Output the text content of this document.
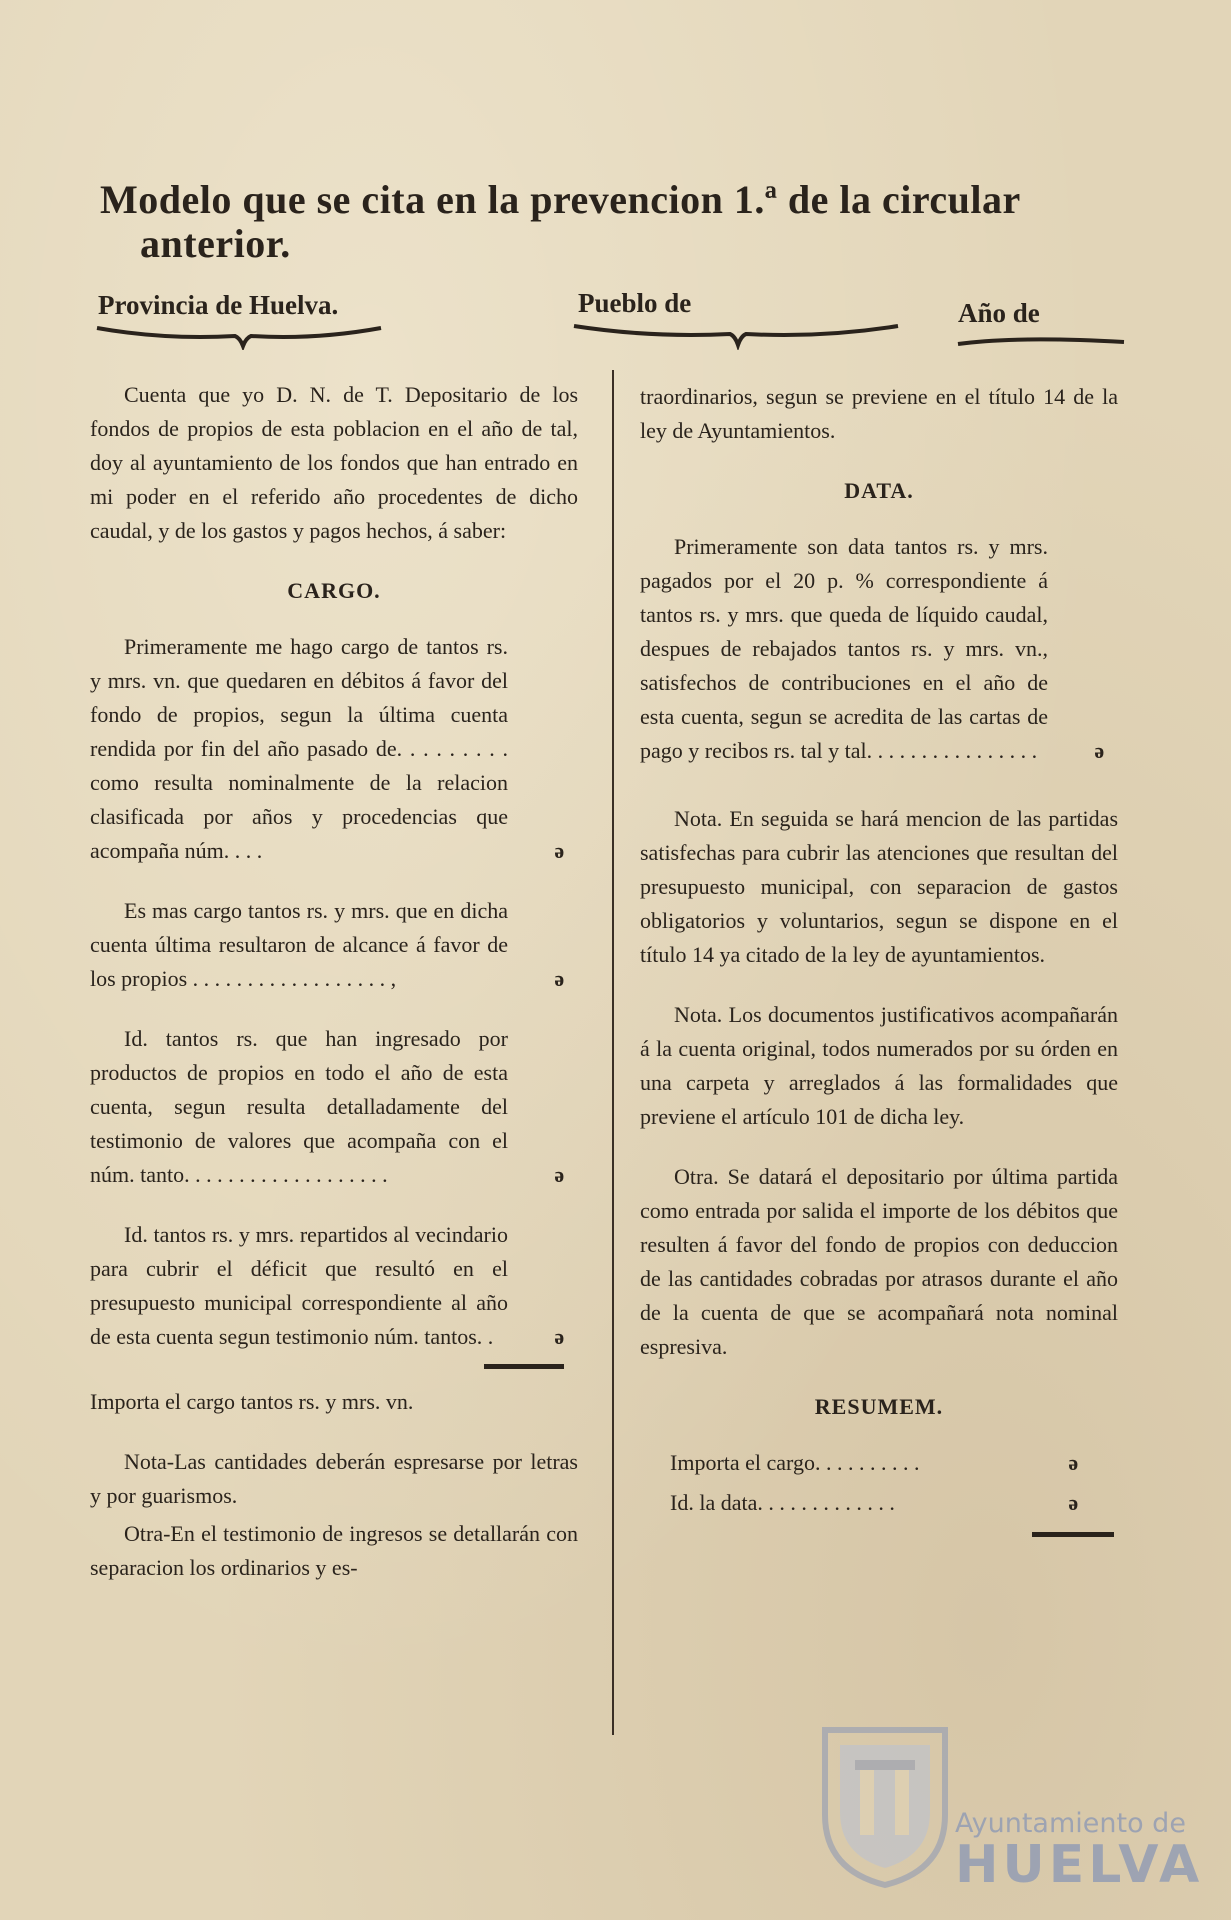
Modelo que se cita en la prevencion 1.ª de la circular
anterior.
Provincia de Huelva.	Pueblo de	Año de

Cuenta que yo D. N. de T. Depositario de los fondos de propios de esta poblacion en el año de tal, doy al ayuntamiento de los fondos que han entrado en mi poder en el referido año procedentes de dicho caudal, y de los gastos y pagos hechos, á saber:

CARGO.
Primeramente me hago cargo de tantos rs. y mrs. vn. que quedaren en débitos á favor del fondo de propios, segun la última cuenta rendida por fin del año pasado de. . . . . . . . . como resulta nominalmente de la relacion clasificada por años y procedencias que acompaña núm. . . .	ǝ
Es mas cargo tantos rs. y mrs. que en dicha cuenta última resultaron de alcance á favor de los propios . . . . . . . . . . . . . . . . . . ,	ǝ
Id. tantos rs. que han ingresado por productos de propios en todo el año de esta cuenta, segun resulta detalladamente del testimonio de valores que acompaña con el núm. tanto. . . . . . . . . . . . . . . . . . .	ǝ
Id. tantos rs. y mrs. repartidos al vecindario para cubrir el déficit que resultó en el presupuesto municipal correspondiente al año de esta cuenta segun testimonio núm. tantos. .	ǝ

Importa el cargo tantos rs. y mrs. vn.

Nota-Las cantidades deberán espresarse por letras y por guarismos.

Otra-En el testimonio de ingresos se detallarán con separacion los ordinarios y es-

traordinarios, segun se previene en el título 14 de la ley de Ayuntamientos.

DATA.
Primeramente son data tantos rs. y mrs. pagados por el 20 p. % correspondiente á tantos rs. y mrs. que queda de líquido caudal, despues de rebajados tantos rs. y mrs. vn., satisfechos de contribuciones en el año de esta cuenta, segun se acredita de las cartas de pago y recibos rs. tal y tal. . . . . . . . . . . . . . . .	ǝ

Nota. En seguida se hará mencion de las partidas satisfechas para cubrir las atenciones que resultan del presupuesto municipal, con separacion de gastos obligatorios y voluntarios, segun se dispone en el título 14 ya citado de la ley de ayuntamientos.

Nota. Los documentos justificativos acompañarán á la cuenta original, todos numerados por su órden en una carpeta y arreglados á las formalidades que previene el artículo 101 de dicha ley.

Otra. Se datará el depositario por última partida como entrada por salida el importe de los débitos que resulten á favor del fondo de propios con deduccion de las cantidades cobradas por atrasos durante el año de la cuenta de que se acompañará nota nominal espresiva.

RESUMEM.
Importa el cargo. . . . . . . . . .	ǝ
Id. la data. . . . . . . . . . . . .	ǝ
Ayuntamiento de
HUELVA
